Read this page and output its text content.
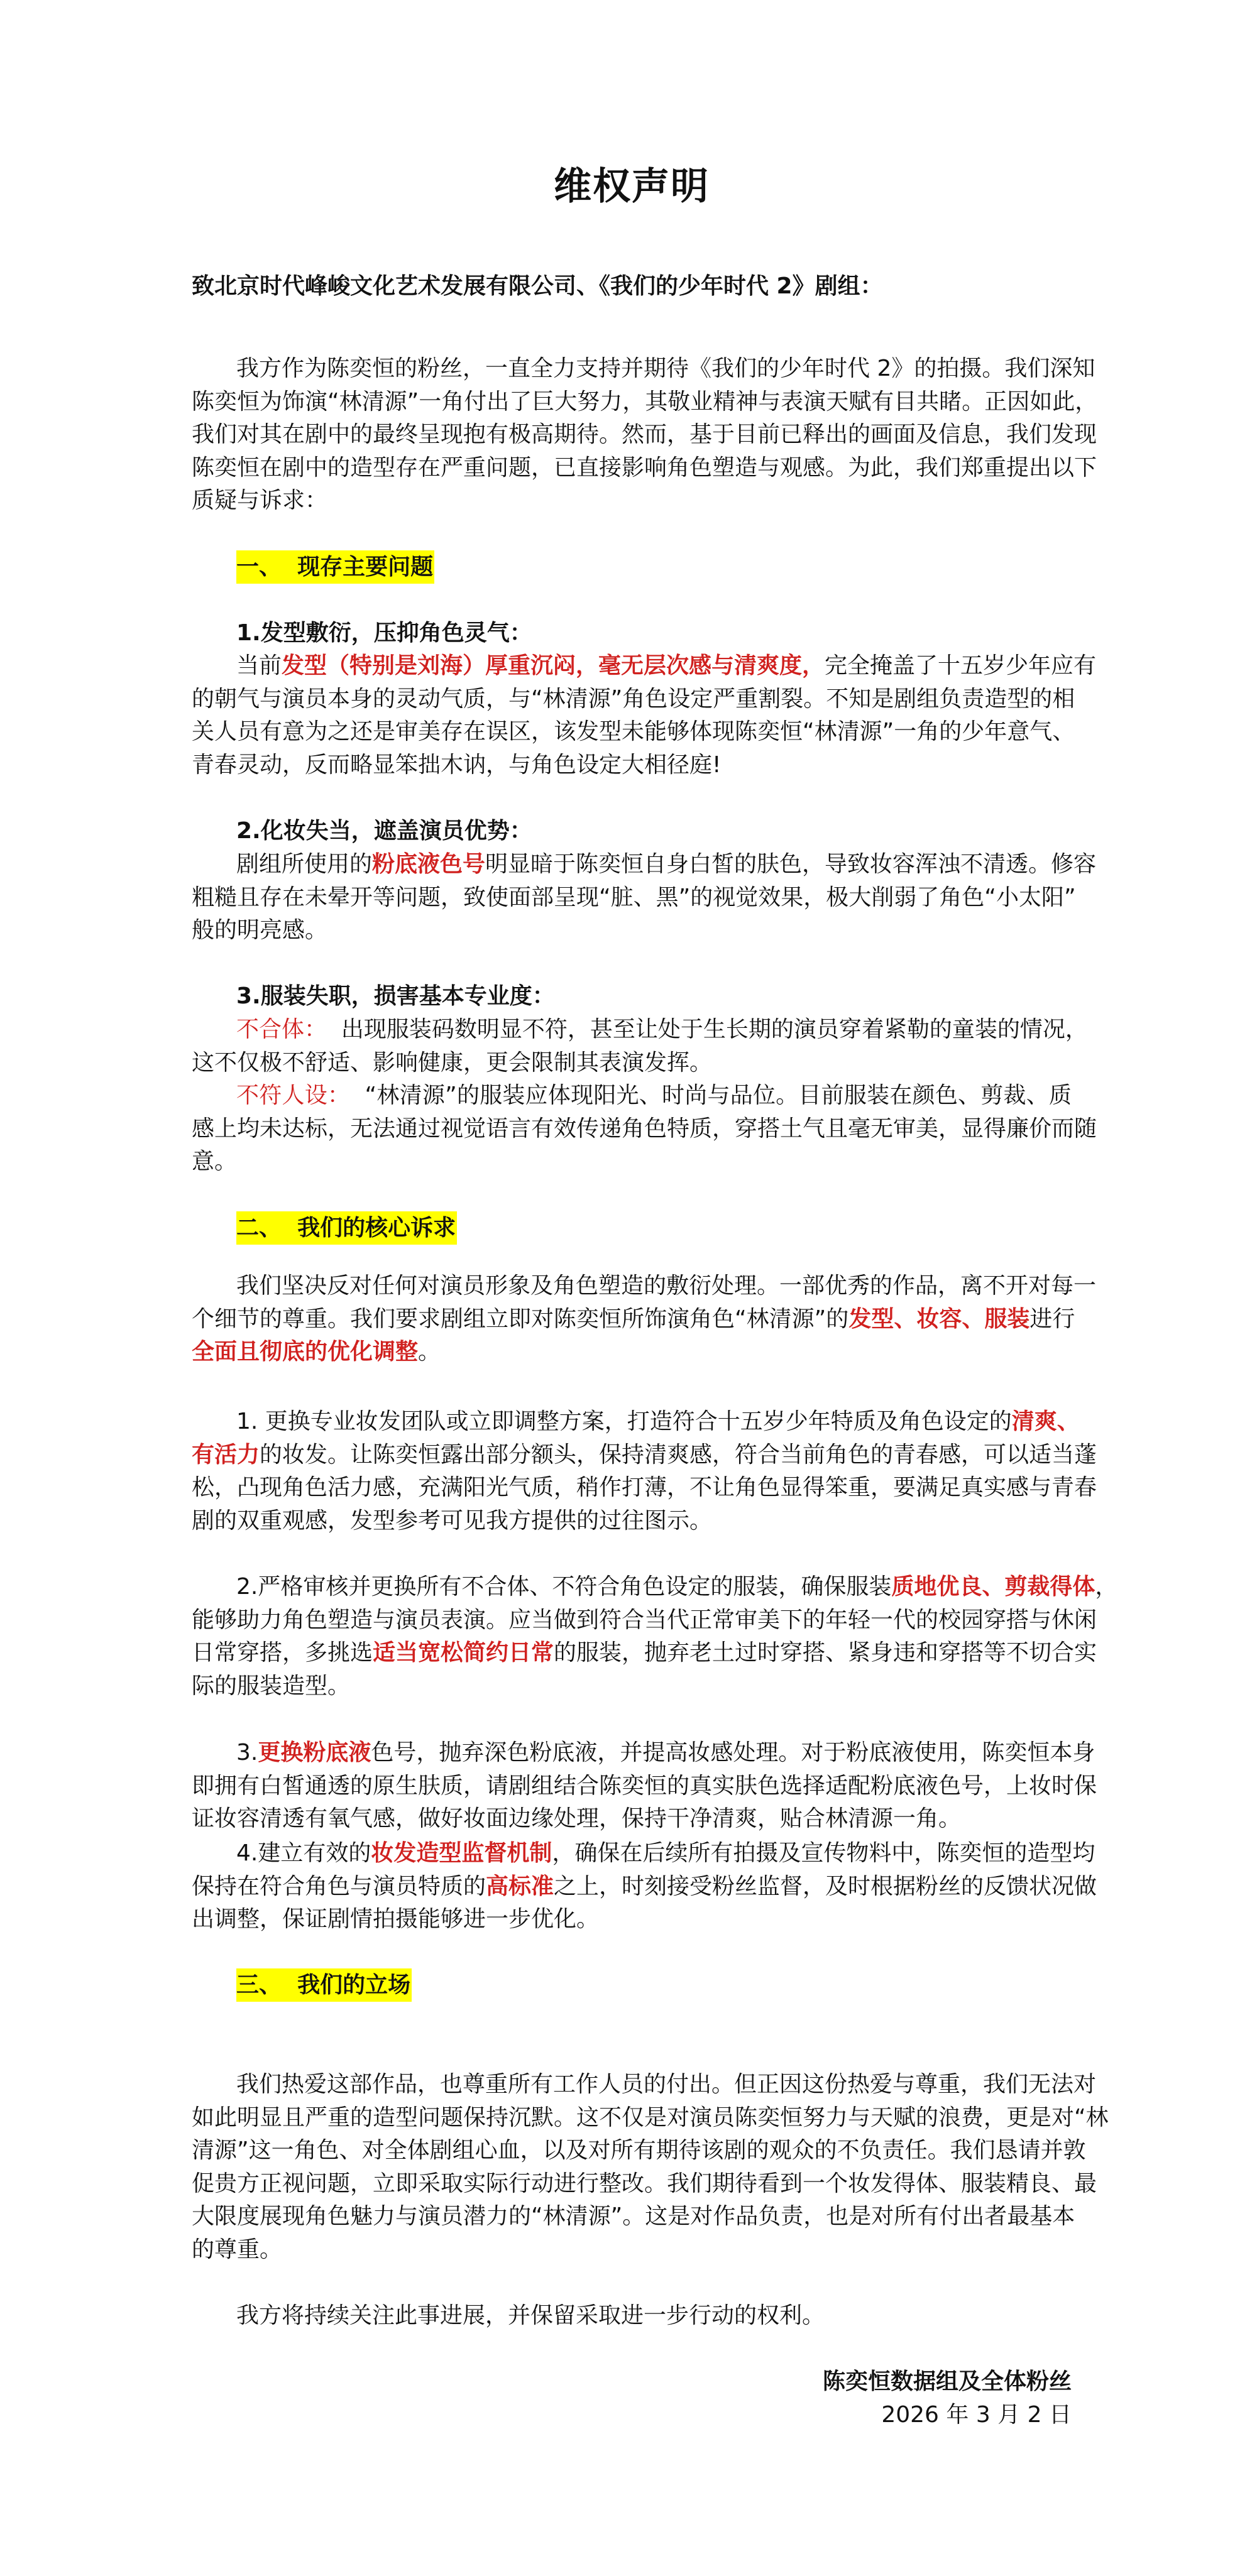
维权声明
致北京时代峰峻文化艺术发展有限公司、《我们的少年时代 2》剧组：
我方作为陈奕恒的粉丝，一直全力支持并期待《我们的少年时代 2》的拍摄。我们深知
陈奕恒为饰演“林清源”一角付出了巨大努力，其敬业精神与表演天赋有目共睹。正因如此，
我们对其在剧中的最终呈现抱有极高期待。然而，基于目前已释出的画面及信息，我们发现
陈奕恒在剧中的造型存在严重问题，已直接影响角色塑造与观感。为此，我们郑重提出以下
质疑与诉求：
一、  现存主要问题
1.发型敷衍，压抑角色灵气：
当前发型（特别是刘海）厚重沉闷，毫无层次感与清爽度，完全掩盖了十五岁少年应有
的朝气与演员本身的灵动气质，与“林清源”角色设定严重割裂。不知是剧组负责造型的相
关人员有意为之还是审美存在误区，该发型未能够体现陈奕恒“林清源”一角的少年意气、
青春灵动，反而略显笨拙木讷，与角色设定大相径庭!
2.化妆失当，遮盖演员优势：
剧组所使用的粉底液色号明显暗于陈奕恒自身白皙的肤色，导致妆容浑浊不清透。修容
粗糙且存在未晕开等问题，致使面部呈现“脏、黑”的视觉效果，极大削弱了角色“小太阳”
般的明亮感。
3.服装失职，损害基本专业度：
不合体：  出现服装码数明显不符，甚至让处于生长期的演员穿着紧勒的童装的情况，
这不仅极不舒适、影响健康，更会限制其表演发挥。
不符人设：  “林清源”的服装应体现阳光、时尚与品位。目前服装在颜色、剪裁、质
感上均未达标，无法通过视觉语言有效传递角色特质，穿搭土气且毫无审美，显得廉价而随
意。
二、  我们的核心诉求
我们坚决反对任何对演员形象及角色塑造的敷衍处理。一部优秀的作品，离不开对每一
个细节的尊重。我们要求剧组立即对陈奕恒所饰演角色“林清源”的发型、妆容、服装进行
全面且彻底的优化调整。
1. 更换专业妆发团队或立即调整方案，打造符合十五岁少年特质及角色设定的清爽、
有活力的妆发。让陈奕恒露出部分额头，保持清爽感，符合当前角色的青春感，可以适当蓬
松，凸现角色活力感，充满阳光气质，稍作打薄，不让角色显得笨重，要满足真实感与青春
剧的双重观感，发型参考可见我方提供的过往图示。
2.严格审核并更换所有不合体、不符合角色设定的服装，确保服装质地优良、剪裁得体，
能够助力角色塑造与演员表演。应当做到符合当代正常审美下的年轻一代的校园穿搭与休闲
日常穿搭，多挑选适当宽松简约日常的服装，抛弃老土过时穿搭、紧身违和穿搭等不切合实
际的服装造型。
3.更换粉底液色号，抛弃深色粉底液，并提高妆感处理。对于粉底液使用，陈奕恒本身
即拥有白皙通透的原生肤质，请剧组结合陈奕恒的真实肤色选择适配粉底液色号，上妆时保
证妆容清透有氧气感，做好妆面边缘处理，保持干净清爽，贴合林清源一角。
4.建立有效的妆发造型监督机制，确保在后续所有拍摄及宣传物料中，陈奕恒的造型均
保持在符合角色与演员特质的高标准之上，时刻接受粉丝监督，及时根据粉丝的反馈状况做
出调整，保证剧情拍摄能够进一步优化。
三、  我们的立场
我们热爱这部作品，也尊重所有工作人员的付出。但正因这份热爱与尊重，我们无法对
如此明显且严重的造型问题保持沉默。这不仅是对演员陈奕恒努力与天赋的浪费，更是对“林
清源”这一角色、对全体剧组心血，以及对所有期待该剧的观众的不负责任。我们恳请并敦
促贵方正视问题，立即采取实际行动进行整改。我们期待看到一个妆发得体、服装精良、最
大限度展现角色魅力与演员潜力的“林清源”。这是对作品负责，也是对所有付出者最基本
的尊重。
我方将持续关注此事进展，并保留采取进一步行动的权利。
陈奕恒数据组及全体粉丝
2026 年 3 月 2 日
